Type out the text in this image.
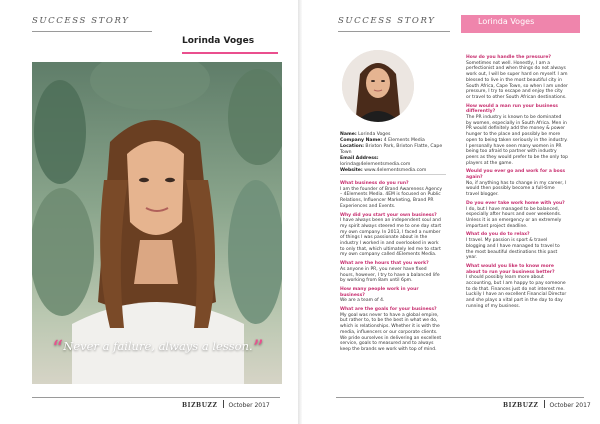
SUCCESS STORY
Lorinda Voges
“Never a failure, always a lesson.”
BIZBUZZ October 2017
SUCCESS STORY	Lorinda Voges
Name: Lorinda Voges
Company Name: 4 Elements Media
Location: Brixton Park, Brixton Flatte, Cape Town
Email Address: lorinda@4elementsmedia.com
Website: www.4elementsmedia.com
What business do you run?
I am the founder of Brand Awareness Agency – 4Elements Media. 4EM is focused on Public Relations, Influencer Marketing, Brand PR Experiences and Events.
Why did you start your own business?
I have always been an independent soul and my spirit always steered me to one day start my own company. In 2013, I faced a number of things I was passionate about in the industry I worked in and overlooked in work to only that, which ultimately led me to start my own company called 4Elements Media.
What are the hours that you work?
As anyone in PR, you never have fixed hours, however, I try to have a balanced life by working from 8am until 6pm.
How many people work in your business?
We are a team of 4.
What are the goals for your business?
My goal was never to have a global empire, but rather to, to be the best in what we do, which is relationships. Whether it is with the media, influencers or our corporate clients. We pride ourselves in delivering an excellent service, goals to measured and to always keep the brands we work with top of mind.
How do you handle the pressure?
Sometimes not well. Honestly, I am a perfectionist and when things do not always work out, I will be super hard on myself. I am blessed to live in the most beautiful city in South Africa, Cape Town, so when I am under pressure, I try to escape and enjoy the city or travel to other South African destinations.
How would a man run your business differently?
The PR industry is known to be dominated by women, especially in South Africa. Men in PR would definitely add the money & power hunger to the place and possibly be more open to being taken seriously in the industry. I personally have seen many women in PR being too afraid to partner with industry peers as they would prefer to be the only top players at the game.
Would you ever go and work for a boss again?
No, if anything has to change in my career, I would then possibly become a full-time travel blogger.
Do you ever take work home with you?
I do, but I have managed to be balanced, especially after hours and over weekends. Unless it is an emergency or an extremely important project deadline.
What do you do to relax?
I travel. My passion is sport & travel blogging and I have managed to travel to the most beautiful destinations this past year.
What would you like to know more about to run your business better?
I should possibly learn more about accounting, but I am happy to pay someone to do that. Finances just do not interest me. Luckily I have an excellent Financial Director and she plays a vital part in the day to day running of my business.
BIZBUZZ October 2017
